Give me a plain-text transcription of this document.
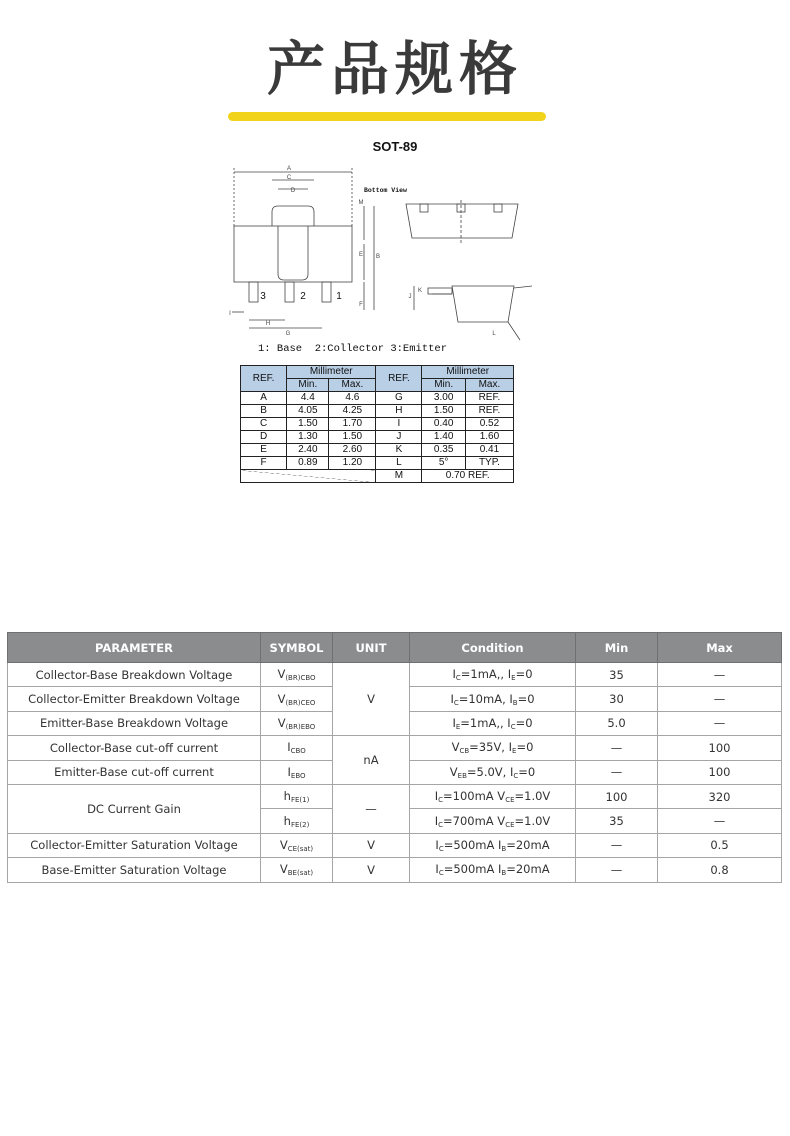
产品规格
SOT-89
A
C
D
M
E B
F
I
H
G
J
K
L
Bottom View
3	2	1
1: Base  2:Collector 3:Emitter
REF.	Millimeter		REF.	Millimeter	
	Min.	Max.		Min.	Max.
A	4.4	4.6	G	3.00	REF.
B	4.05	4.25	H	1.50	REF.
C	1.50	1.70	I	0.40	0.52
D	1.30	1.50	J	1.40	1.60
E	2.40	2.60	K	0.35	0.41
F	0.89	1.20	L	5°	TYP.
			M	0.70 REF.	
PARAMETER	SYMBOL	UNIT	Condition	Min	Max
Collector-Base Breakdown Voltage	$V_{(BR)CBO}$	V	$I_C=1mA$,, $I_E=0$	35	—
Collector-Emitter Breakdown Voltage	$V_{(BR)CEO}$		$I_C=10mA$, $I_B=0$	30	—
Emitter-Base Breakdown Voltage	$V_{(BR)EBO}$		$I_E=1mA$,, $I_C=0$	5.0	—
Collector-Base cut-off current	$I_{CBO}$	nA	$V_{CB}=35V$, $I_E=0$	—	100
Emitter-Base cut-off current	$I_{EBO}$		$V_{EB}=5.0V$, $I_C=0$	—	100
DC Current Gain	$h_{FE(1)}$	—	$I_C=100mA$ $V_{CE}=1.0V$	100	320
	$h_{FE(2)}$		$I_C=700mA$ $V_{CE}=1.0V$	35	—
Collector-Emitter Saturation Voltage	$V_{CE(sat)}$	V	$I_C=500mA$ $I_B=20mA$	—	0.5
Base-Emitter Saturation Voltage	$V_{BE(sat)}$	V	$I_C=500mA$ $I_B=20mA$	—	0.8
